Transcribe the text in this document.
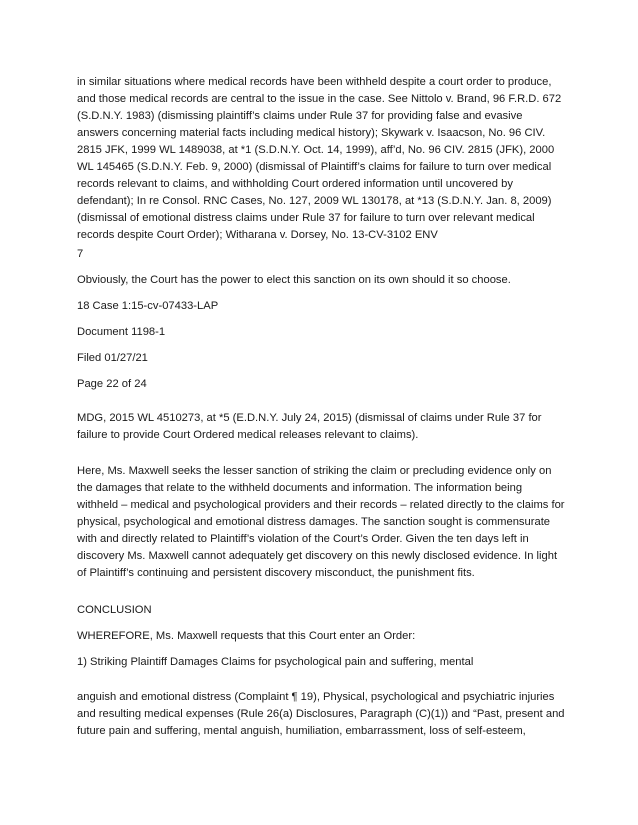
in similar situations where medical records have been withheld despite a court order to produce, and those medical records are central to the issue in the case. See Nittolo v. Brand, 96 F.R.D. 672 (S.D.N.Y. 1983) (dismissing plaintiff’s claims under Rule 37 for providing false and evasive answers concerning material facts including medical history); Skywark v. Isaacson, No. 96 CIV. 2815 JFK, 1999 WL 1489038, at *1 (S.D.N.Y. Oct. 14, 1999), aff’d, No. 96 CIV. 2815 (JFK), 2000 WL 145465 (S.D.N.Y. Feb. 9, 2000) (dismissal of Plaintiff’s claims for failure to turn over medical records relevant to claims, and withholding Court ordered information until uncovered by defendant); In re Consol. RNC Cases, No. 127, 2009 WL 130178, at *13 (S.D.N.Y. Jan. 8, 2009) (dismissal of emotional distress claims under Rule 37 for failure to turn over relevant medical records despite Court Order); Witharana v. Dorsey, No. 13-CV-3102 ENV

7

Obviously, the Court has the power to elect this sanction on its own should it so choose.

18 Case 1:15-cv-07433-LAP

Document 1198-1

Filed 01/27/21

Page 22 of 24

MDG, 2015 WL 4510273, at *5 (E.D.N.Y. July 24, 2015) (dismissal of claims under Rule 37 for failure to provide Court Ordered medical releases relevant to claims).

Here, Ms. Maxwell seeks the lesser sanction of striking the claim or precluding evidence only on the damages that relate to the withheld documents and information. The information being withheld – medical and psychological providers and their records – related directly to the claims for physical, psychological and emotional distress damages. The sanction sought is commensurate with and directly related to Plaintiff’s violation of the Court’s Order. Given the ten days left in discovery Ms. Maxwell cannot adequately get discovery on this newly disclosed evidence. In light of Plaintiff’s continuing and persistent discovery misconduct, the punishment fits.

CONCLUSION

WHEREFORE, Ms. Maxwell requests that this Court enter an Order:

1) Striking Plaintiff Damages Claims for psychological pain and suffering, mental

anguish and emotional distress (Complaint ¶ 19), Physical, psychological and psychiatric injuries and resulting medical expenses (Rule 26(a) Disclosures, Paragraph (C)(1)) and “Past, present and future pain and suffering, mental anguish, humiliation, embarrassment, loss of self-esteem,
